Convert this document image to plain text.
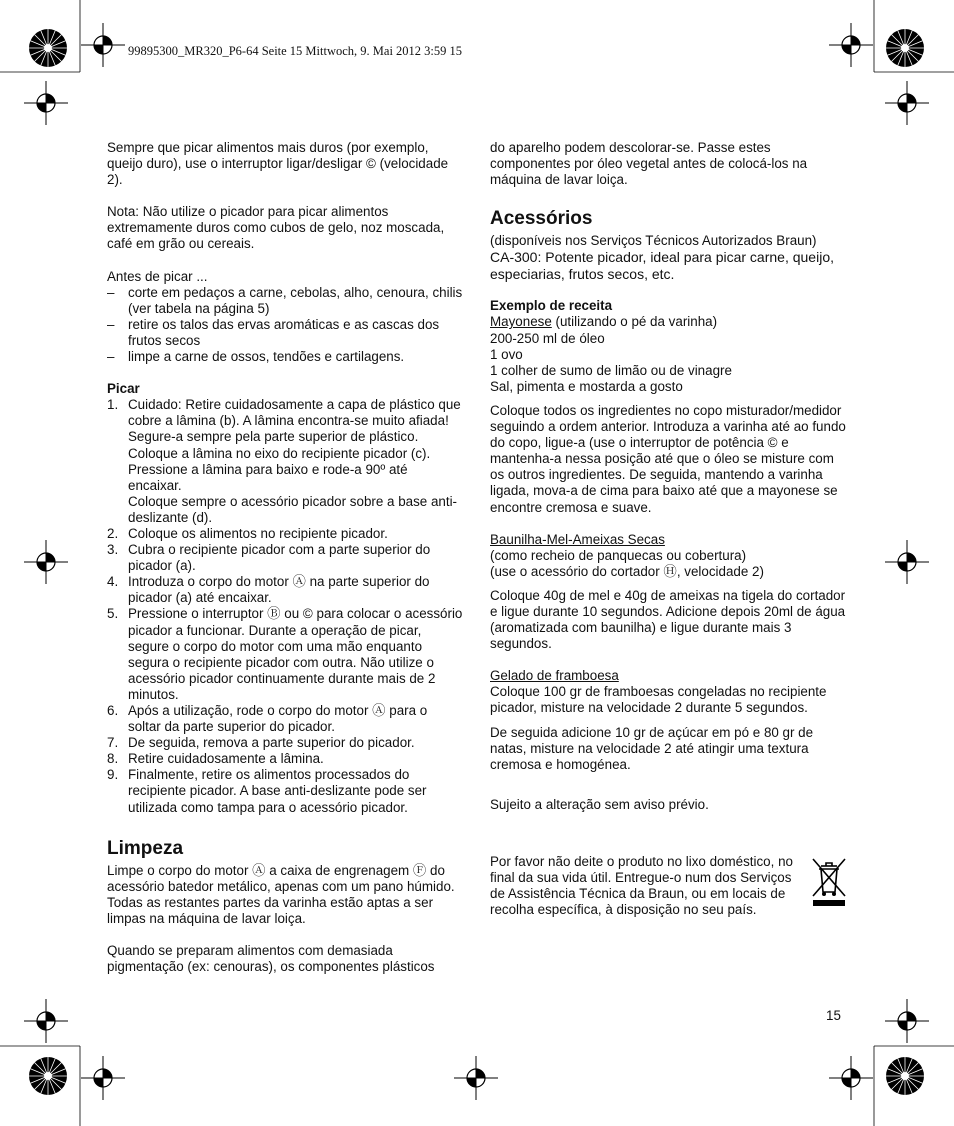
99895300_MR320_P6-64 Seite 15 Mittwoch, 9. Mai 2012 3:59 15

Sempre que picar alimentos mais duros (por exemplo, queijo duro), use o interruptor ligar/desligar © (velocidade 2).

Nota: Não utilize o picador para picar alimentos extremamente duros como cubos de gelo, noz moscada, café em grão ou cereais.

Antes de picar ...

–	corte em pedaços a carne, cebolas, alho, cenoura, chilis (ver tabela na página 5)
–	retire os talos das ervas aromáticas e as cascas dos frutos secos
–	limpe a carne de ossos, tendões e cartilagens.
Picar
1. Cuidado: Retire cuidadosamente a capa de plástico que cobre a lâmina (b). A lâmina encontra-se muito afiada! Segure-a sempre pela parte superior de plástico. Coloque a lâmina no eixo do recipiente picador (c). Pressione a lâmina para baixo e rode-a 90º até encaixar.
Coloque sempre o acessório picador sobre a base anti-deslizante (d).
2. Coloque os alimentos no recipiente picador.
3. Cubra o recipiente picador com a parte superior do picador (a).
4. Introduza o corpo do motor Ⓐ na parte superior do picador (a) até encaixar.
5. Pressione o interruptor Ⓑ ou © para colocar o acessório picador a funcionar. Durante a operação de picar, segure o corpo do motor com uma mão enquanto segura o recipiente picador com outra. Não utilize o acessório picador continuamente durante mais de 2 minutos.
6. Após a utilização, rode o corpo do motor Ⓐ para o soltar da parte superior do picador.
7. De seguida, remova a parte superior do picador.
8. Retire cuidadosamente a lâmina.
9. Finalmente, retire os alimentos processados do recipiente picador. A base anti-deslizante pode ser utilizada como tampa para o acessório picador.
Limpeza

Limpe o corpo do motor Ⓐ a caixa de engrenagem Ⓕ do acessório batedor metálico, apenas com um pano húmido.

Todas as restantes partes da varinha estão aptas a ser limpas na máquina de lavar loiça.

Quando se preparam alimentos com demasiada pigmentação (ex: cenouras), os componentes plásticos

do aparelho podem descolorar-se. Passe estes componentes por óleo vegetal antes de colocá-los na máquina de lavar loiça.

Acessórios

(disponíveis nos Serviços Técnicos Autorizados Braun)

CA-300: Potente picador, ideal para picar carne, queijo, especiarias, frutos secos, etc.

Exemplo de receita

Mayonese (utilizando o pé da varinha)

200-250 ml de óleo

1 ovo

1 colher de sumo de limão ou de vinagre

Sal, pimenta e mostarda a gosto

Coloque todos os ingredientes no copo misturador/medidor seguindo a ordem anterior. Introduza a varinha até ao fundo do copo, ligue-a (use o interruptor de potência © e mantenha-a nessa posição até que o óleo se misture com os outros ingredientes. De seguida, mantendo a varinha ligada, mova-a de cima para baixo até que a mayonese se encontre cremosa e suave.

Baunilha-Mel-Ameixas Secas

(como recheio de panquecas ou cobertura)

(use o acessório do cortador Ⓗ, velocidade 2)

Coloque 40g de mel e 40g de ameixas na tigela do cortador e ligue durante 10 segundos. Adicione depois 20ml de água (aromatizada com baunilha) e ligue durante mais 3 segundos.

Gelado de framboesa

Coloque 100 gr de framboesas congeladas no recipiente picador, misture na velocidade 2 durante 5 segundos.

De seguida adicione 10 gr de açúcar em pó e 80 gr de natas, misture na velocidade 2 até atingir uma textura cremosa e homogénea.

Sujeito a alteração sem aviso prévio.

Por favor não deite o produto no lixo doméstico, no final da sua vida útil. Entregue-o num dos Serviços de Assistência Técnica da Braun, ou em locais de recolha específica, à disposição no seu país.
15
